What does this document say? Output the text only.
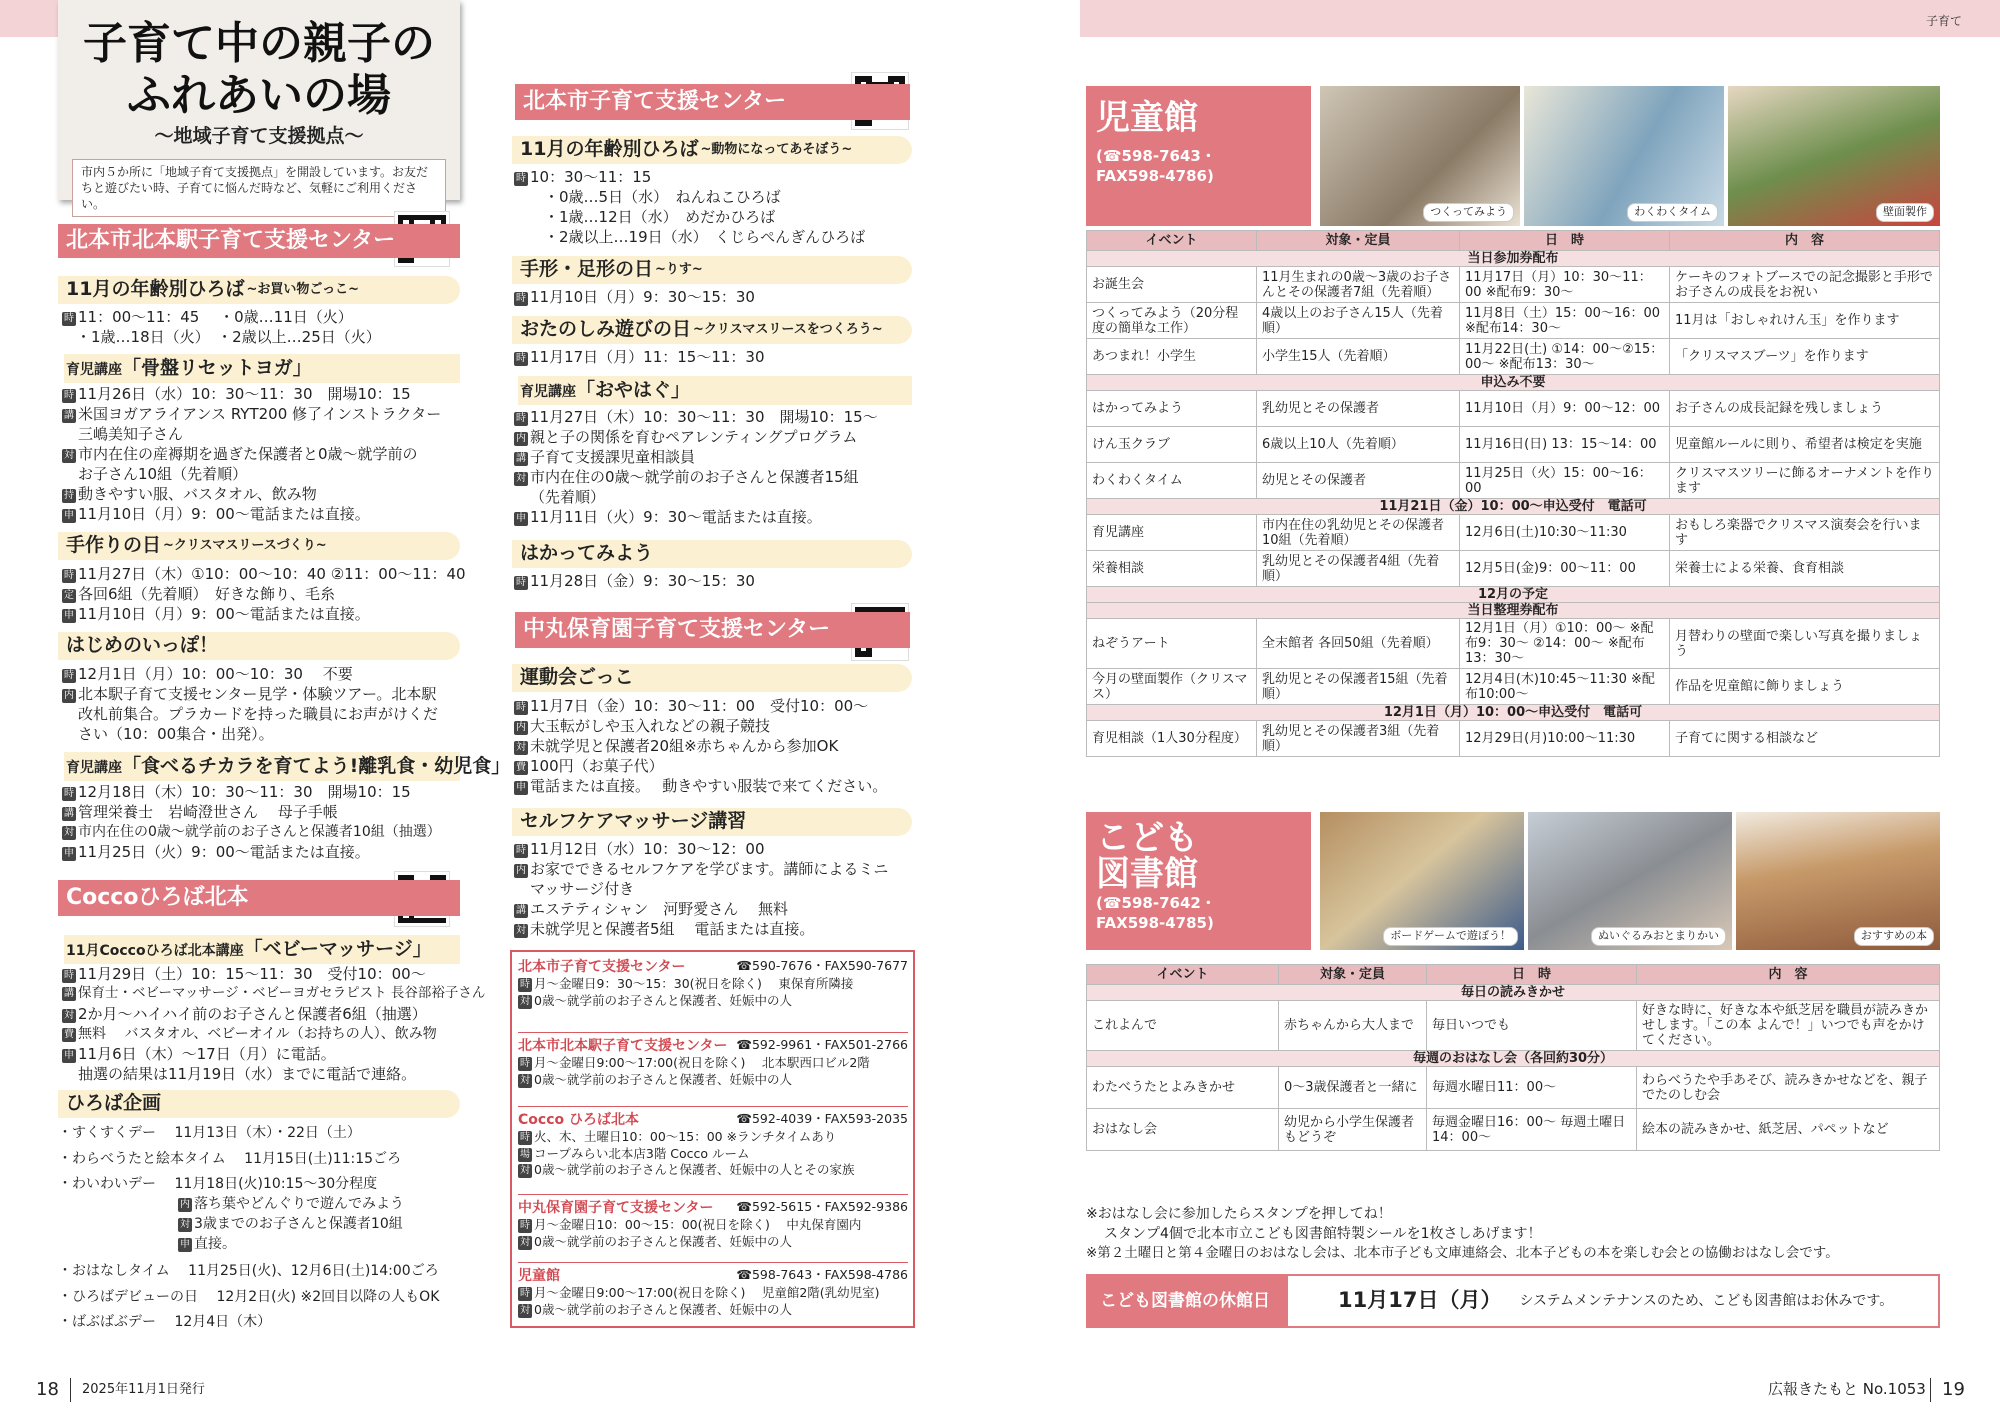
子育て
子育て中の親子の
ふれあいの場
～地域子育て支援拠点～
市内５か所に「地域子育て支援拠点」を開設しています。お友だちと遊びたい時、子育てに悩んだ時など、気軽にご利用ください。
北本市北本駅子育て支援センター
11月の年齢別ひろば ~お買い物ごっこ~
時 11：00～11：45　 ・0歳…11日（火）
・1歳…18日（火）　・2歳以上…25日（火）
育児講座「骨盤リセットヨガ」
時 11月26日（水）10：30～11：30　開場10：15
講 米国ヨガアライアンス RYT200 修了インストラクター
三嶋美知子さん
対 市内在住の産褥期を過ぎた保護者と0歳～就学前の
お子さん10組（先着順）
持 動きやすい服、バスタオル、飲み物
申 11月10日（月）9：00～電話または直接。
手作りの日 ~クリスマスリースづくり~
時 11月27日（木）①10：00～10：40 ②11：00～11：40
定 各回6組（先着順）　好きな飾り、毛糸
申 11月10日（月）9：00～電話または直接。
はじめのいっぽ！
時 12月1日（月）10：00～10：30　 不要
内 北本駅子育て支援センター見学・体験ツアー。北本駅
改札前集合。プラカードを持った職員にお声がけくだ
さい（10：00集合・出発）。
育児講座「食べるチカラを育てよう!離乳食・幼児食」
時 12月18日（木）10：30～11：30　開場10：15
講 管理栄養士　岩崎澄世さん　 母子手帳
対 市内在住の0歳～就学前のお子さんと保護者10組（抽選）
申 11月25日（火）9：00～電話または直接。
Coccoひろば北本
11月Coccoひろば北本講座「ベビーマッサージ」
時 11月29日（土）10：15～11：30　受付10：00～
講 保育士・ベビーマッサージ・ベビーヨガセラピスト 長谷部裕子さん
対 2か月～ハイハイ前のお子さんと保護者6組（抽選）
費 無料　 バスタオル、ベビーオイル（お持ちの人）、飲み物
申 11月6日（木）～17日（月）に電話。
抽選の結果は11月19日（水）までに電話で連絡。
ひろば企画
・すくすくデー　 11月13日（木）・22日（土）
・わらべうたと絵本タイム　 11月15日(土)11:15ごろ
・わいわいデー　 11月18日(火)10:15～30分程度
内 落ち葉やどんぐりで遊んでみよう
対 3歳までのお子さんと保護者10組
申 直接。
・おはなしタイム　 11月25日(火)、12月6日(土)14:00ごろ
・ひろばデビューの日　 12月2日(火) ※2回目以降の人もOK
・ばぶばぶデー　 12月4日（木）
北本市子育て支援センター
11月の年齢別ひろば ~動物になってあそぼう~
時 10：30～11：15
・0歳…5日（水）　ねんねこひろば
・1歳…12日（水）　めだかひろば
・2歳以上…19日（水）　くじらぺんぎんひろば
手形・足形の日 ~りす~
時 11月10日（月）9：30～15：30
おたのしみ遊びの日 ~クリスマスリースをつくろう~
時 11月17日（月）11：15～11：30
育児講座「おやはぐ」
時 11月27日（木）10：30～11：30　開場10：15～
内 親と子の関係を育むペアレンティングプログラム
講 子育て支援課児童相談員
対 市内在住の0歳～就学前のお子さんと保護者15組
（先着順）
申 11月11日（火）9：30～電話または直接。
はかってみよう
時 11月28日（金）9：30～15：30
中丸保育園子育て支援センター
運動会ごっこ
時 11月7日（金）10：30～11：00　受付10：00～
内 大玉転がしや玉入れなどの親子競技
対 未就学児と保護者20組※赤ちゃんから参加OK
費 100円（お菓子代）
申 電話または直接。　 動きやすい服装で来てください。
セルフケアマッサージ講習
時 11月12日（水）10：30～12：00
内 お家でできるセルフケアを学びます。講師によるミニ
マッサージ付き
講 エステティシャン　河野愛さん　 無料
対 未就学児と保護者5組　 電話または直接。
北本市子育て支援センター	☎590-7676・FAX590-7677
時 月～金曜日9：30～15：30(祝日を除く)　 東保育所隣接
対 0歳～就学前のお子さんと保護者、妊娠中の人
北本市北本駅子育て支援センター ☎592-9961・FAX501-2766
時 月～金曜日9:00～17:00(祝日を除く)　 北本駅西口ビル2階
対 0歳～就学前のお子さんと保護者、妊娠中の人
Cocco ひろば北本	☎592-4039・FAX593-2035
時 火、木、土曜日10：00～15：00 ※ランチタイムあり
場 コープみらい北本店3階 Cocco ルーム
対 0歳～就学前のお子さんと保護者、妊娠中の人とその家族
中丸保育園子育て支援センター ☎592-5615・FAX592-9386
時 月～金曜日10：00～15：00(祝日を除く)　 中丸保育園内
対 0歳～就学前のお子さんと保護者、妊娠中の人
児童館	☎598-7643・FAX598-4786
時 月～金曜日9:00～17:00(祝日を除く)　 児童館2階(乳幼児室)
対 0歳～就学前のお子さんと保護者、妊娠中の人
児童館
(☎598-7643・
FAX598-4786)
つくってみよう	わくわくタイム	壁面製作
イベント	対象・定員	日　時	内　容
当日参加券配布			
お誕生会	11月生まれの0歳～3歳のお子さんとその保護者7組（先着順）	11月17日（月）10：30～11：00 ※配布9：30～	ケーキのフォトブースでの記念撮影と手形でお子さんの成長をお祝い
つくってみよう（20分程度の簡単な工作）	4歳以上のお子さん15人（先着順）	11月8日（土）15：00～16：00 ※配布14：30～	11月は「おしゃれけん玉」を作ります
あつまれ！小学生	小学生15人（先着順）	11月22日(土) ①14：00～②15：00～ ※配布13：30～	「クリスマスブーツ」を作ります
申込み不要			
はかってみよう	乳幼児とその保護者	11月10日（月）9：00～12：00	お子さんの成長記録を残しましょう
けん玉クラブ	6歳以上10人（先着順）	11月16日(日) 13：15～14：00	児童館ルールに則り、希望者は検定を実施
わくわくタイム	幼児とその保護者	11月25日（火）15：00～16：00	クリスマスツリーに飾るオーナメントを作ります
11月21日（金）10：00～申込受付　電話可			
育児講座	市内在住の乳幼児とその保護者10組（先着順）	12月6日(土)10:30～11:30	おもしろ楽器でクリスマス演奏会を行います
栄養相談	乳幼児とその保護者4組（先着順）	12月5日(金)9：00～11：00	栄養士による栄養、食育相談
12月の予定			
当日整理券配布			
ねぞうアート	全末館者 各回50組（先着順）	12月1日（月）①10：00～ ※配布9：30～ ②14：00～ ※配布13：30～	月替わりの壁面で楽しい写真を撮りましょう
今月の壁面製作（クリスマス）	乳幼児とその保護者15組（先着順）	12月4日(木)10:45～11:30 ※配布10:00～	作品を児童館に飾りましょう
12月1日（月）10：00～申込受付　電話可			
育児相談（1人30分程度）	乳幼児とその保護者3組（先着順）	12月29日(月)10:00～11:30	子育てに関する相談など
こども
図書館
(☎598-7642・
FAX598-4785)
ボードゲームで遊ぼう！	ぬいぐるみおとまりかい	おすすめの本
イベント	対象・定員	日　時	内　容
毎日の読みきかせ			
これよんで	赤ちゃんから大人まで	毎日いつでも	好きな時に、好きな本や紙芝居を職員が読みきかせします。「この本 よんで！」いつでも声をかけてください。
毎週のおはなし会（各回約30分）			
わたべうたとよみきかせ	0～3歳保護者と一緒に	毎週水曜日11：00～	わらべうたや手あそび、読みきかせなどを、親子でたのしむ会
おはなし会	幼児から小学生保護者もどうぞ	毎週金曜日16：00～ 毎週土曜日14：00～	絵本の読みきかせ、紙芝居、パペットなど
※おはなし会に参加したらスタンプを押してね！
スタンプ4個で北本市立こども図書館特製シールを1枚さしあげます！
※第２土曜日と第４金曜日のおはなし会は、北本市子ども文庫連絡会、北本子どもの本を楽しむ会との協働おはなし会です。
こども図書館の休館日	11月17日（月） システムメンテナンスのため、こども図書館はお休みです。
18 2025年11月1日発行	広報きたもと No.1053 19
